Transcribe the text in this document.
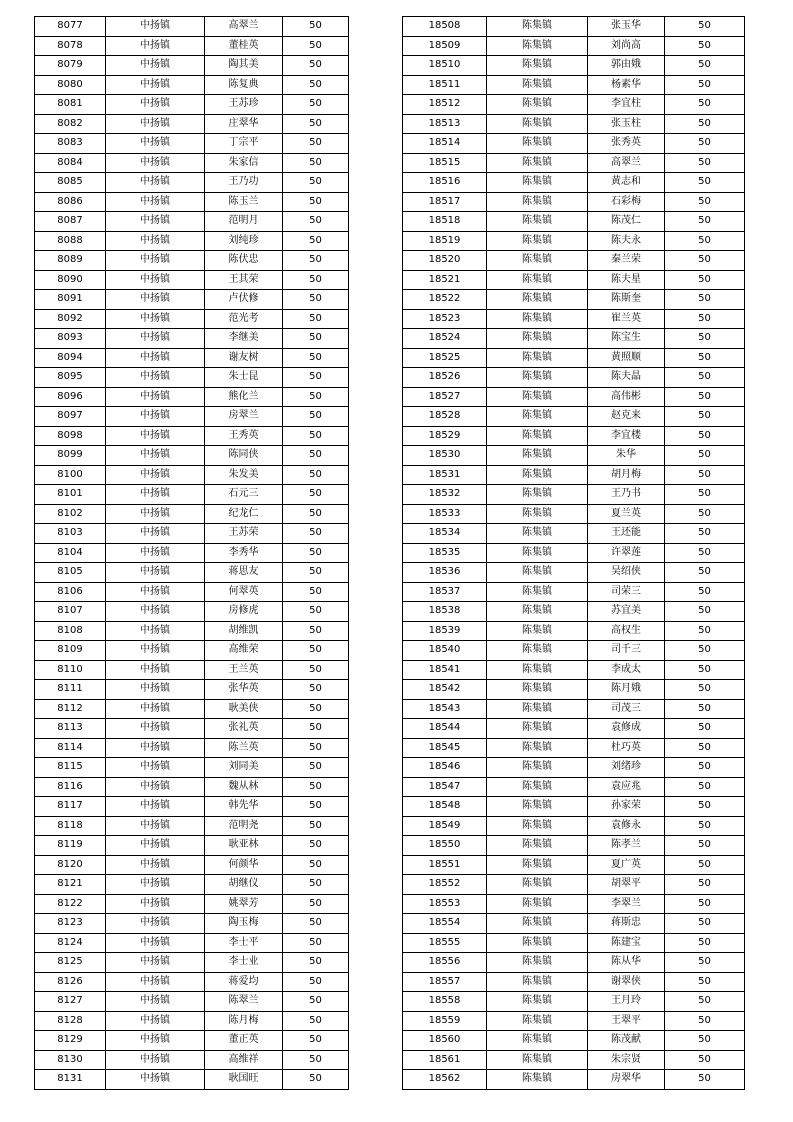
8077	中扬镇	高翠兰	50
8078	中扬镇	董桂英	50
8079	中扬镇	陶其美	50
8080	中扬镇	陈复典	50
8081	中扬镇	王苏珍	50
8082	中扬镇	庄翠华	50
8083	中扬镇	丁宗平	50
8084	中扬镇	朱家信	50
8085	中扬镇	王乃功	50
8086	中扬镇	陈玉兰	50
8087	中扬镇	范明月	50
8088	中扬镇	刘纯珍	50
8089	中扬镇	陈伏忠	50
8090	中扬镇	王其荣	50
8091	中扬镇	卢伏修	50
8092	中扬镇	范光考	50
8093	中扬镇	李继美	50
8094	中扬镇	谢友树	50
8095	中扬镇	朱士昆	50
8096	中扬镇	熊化兰	50
8097	中扬镇	房翠兰	50
8098	中扬镇	王秀英	50
8099	中扬镇	陈同侠	50
8100	中扬镇	朱发美	50
8101	中扬镇	石元三	50
8102	中扬镇	纪龙仁	50
8103	中扬镇	王苏荣	50
8104	中扬镇	李秀华	50
8105	中扬镇	蒋思友	50
8106	中扬镇	何翠英	50
8107	中扬镇	房修虎	50
8108	中扬镇	胡维凯	50
8109	中扬镇	高维荣	50
8110	中扬镇	王兰英	50
8111	中扬镇	张华英	50
8112	中扬镇	耿美侠	50
8113	中扬镇	张礼英	50
8114	中扬镇	陈兰英	50
8115	中扬镇	刘同美	50
8116	中扬镇	魏从林	50
8117	中扬镇	韩先华	50
8118	中扬镇	范明尧	50
8119	中扬镇	耿亚林	50
8120	中扬镇	何颜华	50
8121	中扬镇	胡继仪	50
8122	中扬镇	姚翠芳	50
8123	中扬镇	陶玉梅	50
8124	中扬镇	李士平	50
8125	中扬镇	李士业	50
8126	中扬镇	蒋爱均	50
8127	中扬镇	陈翠兰	50
8128	中扬镇	陈月梅	50
8129	中扬镇	董正英	50
8130	中扬镇	高维祥	50
8131	中扬镇	耿国旺	50
18508	陈集镇	张玉华	50
18509	陈集镇	刘尚高	50
18510	陈集镇	郭由娥	50
18511	陈集镇	杨素华	50
18512	陈集镇	李宜柱	50
18513	陈集镇	张玉柱	50
18514	陈集镇	张秀英	50
18515	陈集镇	高翠兰	50
18516	陈集镇	黄志和	50
18517	陈集镇	石彩梅	50
18518	陈集镇	陈茂仁	50
18519	陈集镇	陈夫永	50
18520	陈集镇	秦兰荣	50
18521	陈集镇	陈夫星	50
18522	陈集镇	陈斯奎	50
18523	陈集镇	崔兰英	50
18524	陈集镇	陈宝生	50
18525	陈集镇	黄照顺	50
18526	陈集镇	陈夫晶	50
18527	陈集镇	高伟彬	50
18528	陈集镇	赵克来	50
18529	陈集镇	李宜楼	50
18530	陈集镇	朱华	50
18531	陈集镇	胡月梅	50
18532	陈集镇	王乃书	50
18533	陈集镇	夏兰英	50
18534	陈集镇	王还能	50
18535	陈集镇	许翠莲	50
18536	陈集镇	吴绍侠	50
18537	陈集镇	司荣三	50
18538	陈集镇	苏宜美	50
18539	陈集镇	高权生	50
18540	陈集镇	司千三	50
18541	陈集镇	李成太	50
18542	陈集镇	陈月娥	50
18543	陈集镇	司茂三	50
18544	陈集镇	袁修成	50
18545	陈集镇	杜巧英	50
18546	陈集镇	刘绪珍	50
18547	陈集镇	袁应兆	50
18548	陈集镇	孙家荣	50
18549	陈集镇	袁修永	50
18550	陈集镇	陈孝兰	50
18551	陈集镇	夏广英	50
18552	陈集镇	胡翠平	50
18553	陈集镇	李翠兰	50
18554	陈集镇	蒋斯忠	50
18555	陈集镇	陈建宝	50
18556	陈集镇	陈从华	50
18557	陈集镇	谢翠侠	50
18558	陈集镇	王月玲	50
18559	陈集镇	王翠平	50
18560	陈集镇	陈茂献	50
18561	陈集镇	朱宗贤	50
18562	陈集镇	房翠华	50
